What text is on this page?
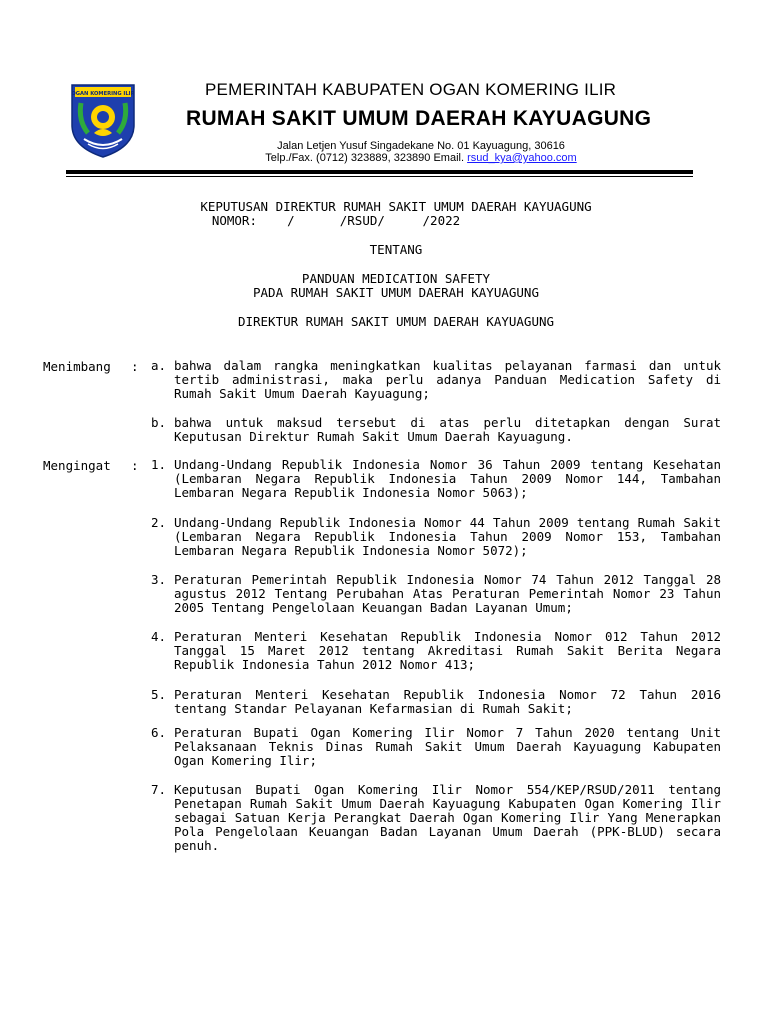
OGAN KOMERING ILIR	PEMERINTAH KABUPATEN OGAN KOMERING ILIR
RUMAH SAKIT UMUM DAERAH KAYUAGUNG
Jalan Letjen Yusuf Singadekane No. 01 Kayuagung, 30616
Telp./Fax. (0712) 323889, 323890 Email. rsud_kya@yahoo.com
KEPUTUSAN DIREKTUR RUMAH SAKIT UMUM DAERAH KAYUAGUNG
NOMOR:    /      /RSUD/     /2022
TENTANG
PANDUAN MEDICATION SAFETY
PADA RUMAH SAKIT UMUM DAERAH KAYUAGUNG
DIREKTUR RUMAH SAKIT UMUM DAERAH KAYUAGUNG
Menimbang : a. bahwa dalam rangka meningkatkan kualitas pelayanan farmasi dan untuk tertib administrasi, maka perlu adanya Panduan Medication Safety di Rumah Sakit Umum Daerah Kayuagung;
b. bahwa untuk maksud tersebut di atas perlu ditetapkan dengan Surat Keputusan Direktur Rumah Sakit Umum Daerah Kayuagung.
Mengingat : 1. Undang-Undang Republik Indonesia Nomor 36 Tahun 2009 tentang Kesehatan (Lembaran Negara Republik Indonesia Tahun 2009 Nomor 144, Tambahan Lembaran Negara Republik Indonesia Nomor 5063);
2. Undang-Undang Republik Indonesia Nomor 44 Tahun 2009 tentang Rumah Sakit (Lembaran Negara Republik Indonesia Tahun 2009 Nomor 153, Tambahan Lembaran Negara Republik Indonesia Nomor 5072);
3. Peraturan Pemerintah Republik Indonesia Nomor 74 Tahun 2012 Tanggal 28 agustus 2012 Tentang Perubahan Atas Peraturan Pemerintah Nomor 23 Tahun 2005 Tentang Pengelolaan Keuangan Badan Layanan Umum;
4. Peraturan Menteri Kesehatan Republik Indonesia Nomor 012 Tahun 2012 Tanggal 15 Maret 2012 tentang Akreditasi Rumah Sakit Berita Negara Republik Indonesia Tahun 2012 Nomor 413;
5. Peraturan Menteri Kesehatan Republik Indonesia Nomor 72 Tahun 2016 tentang Standar Pelayanan Kefarmasian di Rumah Sakit;
6. Peraturan Bupati Ogan Komering Ilir Nomor 7 Tahun 2020 tentang Unit Pelaksanaan Teknis Dinas Rumah Sakit Umum Daerah Kayuagung Kabupaten Ogan Komering Ilir;
7. Keputusan Bupati Ogan Komering Ilir Nomor 554/KEP/RSUD/2011 tentang Penetapan Rumah Sakit Umum Daerah Kayuagung Kabupaten Ogan Komering Ilir sebagai Satuan Kerja Perangkat Daerah Ogan Komering Ilir Yang Menerapkan Pola Pengelolaan Keuangan Badan Layanan Umum Daerah (PPK-BLUD) secara penuh.
